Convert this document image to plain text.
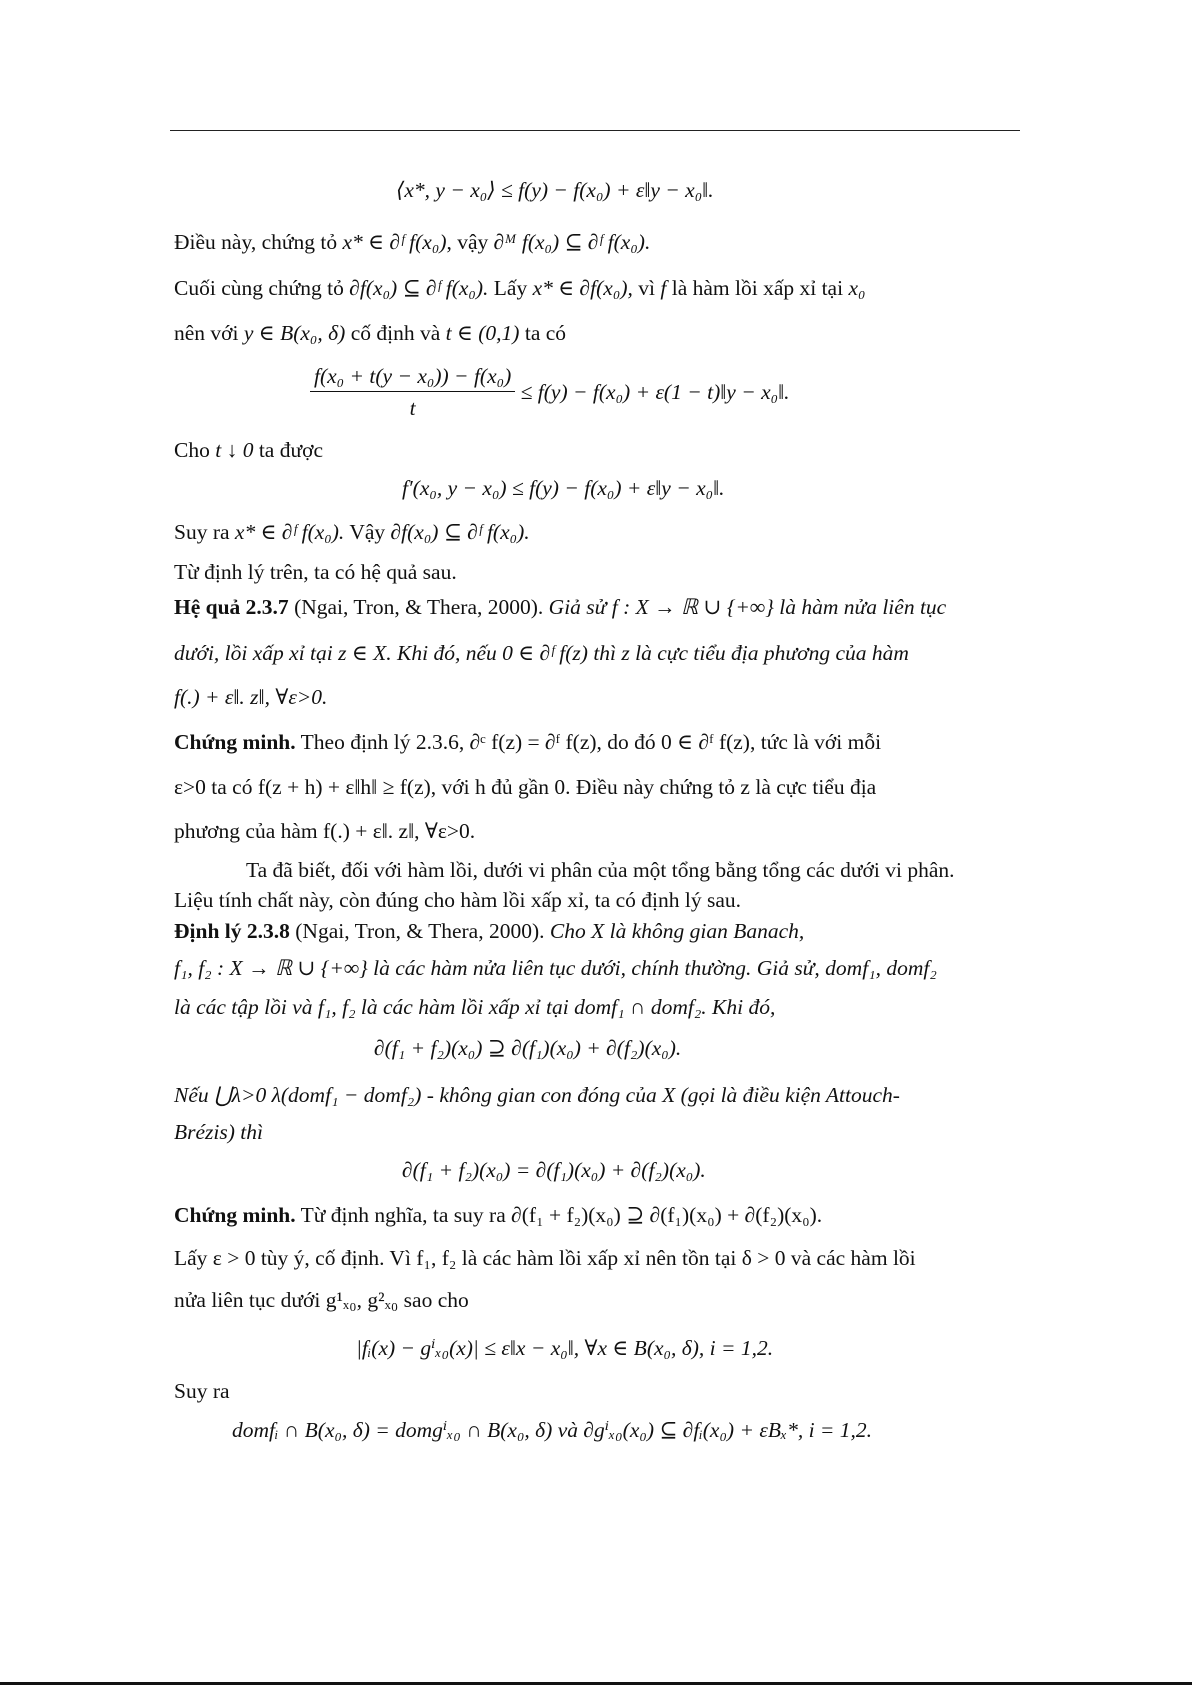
⟨x*, y − x₀⟩ ≤ f(y) − f(x₀) + ε‖y − x₀‖.
Điều này, chứng tỏ x* ∈ ∂ᶠ f(x₀), vậy ∂ᴹ f(x₀) ⊆ ∂ᶠ f(x₀).
Cuối cùng chứng tỏ ∂f(x₀) ⊆ ∂ᶠ f(x₀). Lấy x* ∈ ∂f(x₀), vì f là hàm lồi xấp xỉ tại x₀
nên với y ∈ B(x₀, δ) cố định và t ∈ (0,1) ta có
$\frac{\text{f(x₀ + t(y − x₀)) − f(x₀)}}{t} \le f(y) - f(x_0) + \varepsilon(1$ − t)‖y − x₀‖.
Cho t ↓ 0 ta được
f′(x₀, y − x₀) ≤ f(y) − f(x₀) + ε‖y − x₀‖.
Suy ra x* ∈ ∂ᶠ f(x₀). Vậy ∂f(x₀) ⊆ ∂ᶠ f(x₀).
Từ định lý trên, ta có hệ quả sau.
Hệ quả 2.3.7 (Ngai, Tron, & Thera, 2000). Giả sử f : X → ℝ ∪ {+∞} là hàm nửa liên tục
dưới, lồi xấp xỉ tại z ∈ X. Khi đó, nếu 0 ∈ ∂ᶠ f(z) thì z là cực tiểu địa phương của hàm
f(.) + ε‖. z‖, ∀ε>0.
Chứng minh. Theo định lý 2.3.6, ∂ᶜ f(z) = ∂ᶠ f(z), do đó 0 ∈ ∂ᶠ f(z), tức là với mỗi
ε>0 ta có f(z + h) + ε‖h‖ ≥ f(z), với h đủ gần 0. Điều này chứng tỏ z là cực tiểu địa
phương của hàm f(.) + ε‖. z‖, ∀ε>0.
Ta đã biết, đối với hàm lồi, dưới vi phân của một tổng bằng tổng các dưới vi phân.
Liệu tính chất này, còn đúng cho hàm lồi xấp xỉ, ta có định lý sau.
Định lý 2.3.8 (Ngai, Tron, & Thera, 2000). Cho X là không gian Banach,
f₁, f₂ : X → ℝ ∪ {+∞} là các hàm nửa liên tục dưới, chính thường. Giả sử, domf₁, domf₂
là các tập lồi và f₁, f₂ là các hàm lồi xấp xỉ tại domf₁ ∩ domf₂. Khi đó,
∂(f₁ + f₂)(x₀) ⊇ ∂(f₁)(x₀) + ∂(f₂)(x₀).
Nếu ⋃λ>0 λ(domf₁ − domf₂) - không gian con đóng của X (gọi là điều kiện Attouch-
Brézis) thì
∂(f₁ + f₂)(x₀) = ∂(f₁)(x₀) + ∂(f₂)(x₀).
Chứng minh. Từ định nghĩa, ta suy ra ∂(f₁ + f₂)(x₀) ⊇ ∂(f₁)(x₀) + ∂(f₂)(x₀).
Lấy ε > 0 tùy ý, cố định. Vì f₁, f₂ là các hàm lồi xấp xỉ nên tồn tại δ > 0 và các hàm lồi
nửa liên tục dưới g¹ₓ₀, g²ₓ₀ sao cho
|fᵢ(x) − gⁱₓ₀(x)| ≤ ε‖x − x₀‖, ∀x ∈ B(x₀, δ), i = 1,2.
Suy ra
domfᵢ ∩ B(x₀, δ) = domgⁱₓ₀ ∩ B(x₀, δ) và ∂gⁱₓ₀(x₀) ⊆ ∂fᵢ(x₀) + εBₓ*, i = 1,2.
